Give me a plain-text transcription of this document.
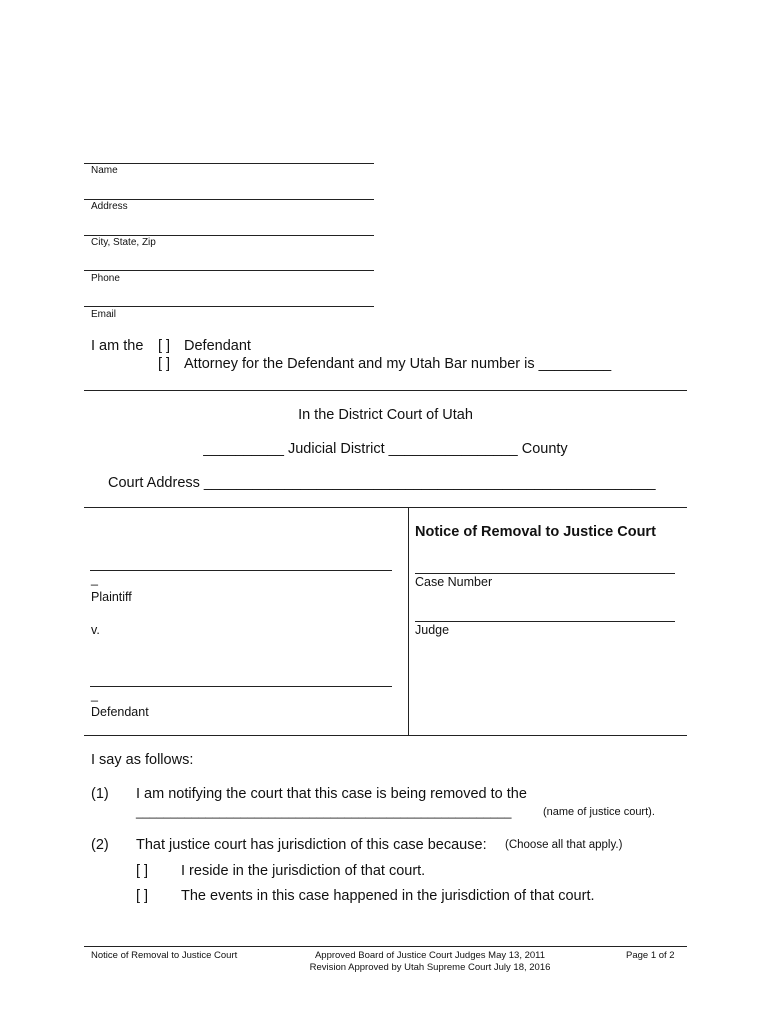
Name
Address
City, State, Zip
Phone
Email
I am the [ ] Defendant
[ ] Attorney for the Defendant and my Utah Bar number is _________
In the District Court of Utah
__________ Judicial District ________________ County
Court Address ________________________________________________________
_
Plaintiff
v.
_
Defendant
Notice of Removal to Justice Court
Case Number
Judge
I say as follows:
(1) I am notifying the court that this case is being removed to the
______________________________________________________	(name of justice court).
(2) That justice court has jurisdiction of this case because: (Choose all that apply.)
[ ] I reside in the jurisdiction of that court.
[ ] The events in this case happened in the jurisdiction of that court.
Notice of Removal to Justice Court	Approved Board of Justice Court Judges May 13, 2011
Revision Approved by Utah Supreme Court July 18, 2016
Page 1 of 2
